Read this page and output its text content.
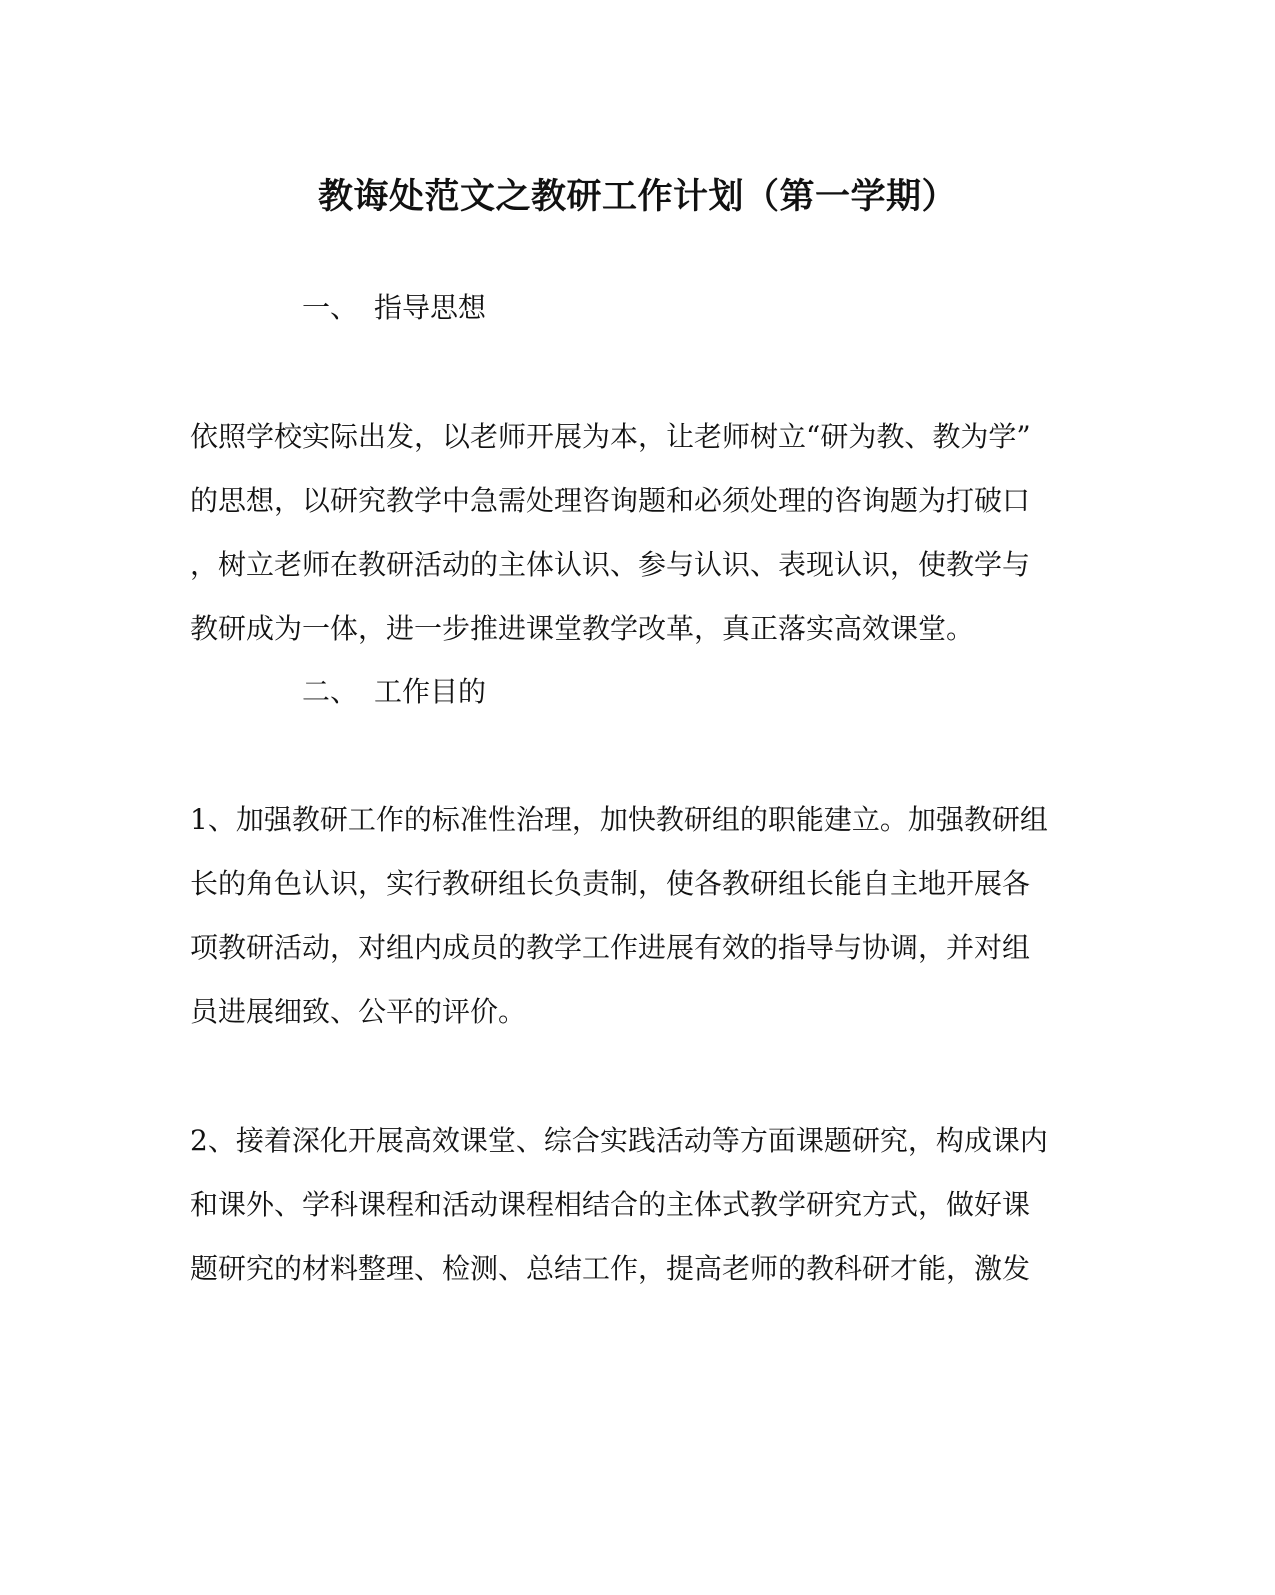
教诲处范文之教研工作计划（第一学期）
一、 指导思想
依照学校实际出发，以老师开展为本，让老师树立“研为教、教为学”
的思想，以研究教学中急需处理咨询题和必须处理的咨询题为打破口
，树立老师在教研活动的主体认识、参与认识、表现认识，使教学与
教研成为一体，进一步推进课堂教学改革，真正落实高效课堂。
二、 工作目的
1、加强教研工作的标准性治理，加快教研组的职能建立。加强教研组
长的角色认识，实行教研组长负责制，使各教研组长能自主地开展各
项教研活动，对组内成员的教学工作进展有效的指导与协调，并对组
员进展细致、公平的评价。
2、接着深化开展高效课堂、综合实践活动等方面课题研究，构成课内
和课外、学科课程和活动课程相结合的主体式教学研究方式，做好课
题研究的材料整理、检测、总结工作，提高老师的教科研才能，激发
